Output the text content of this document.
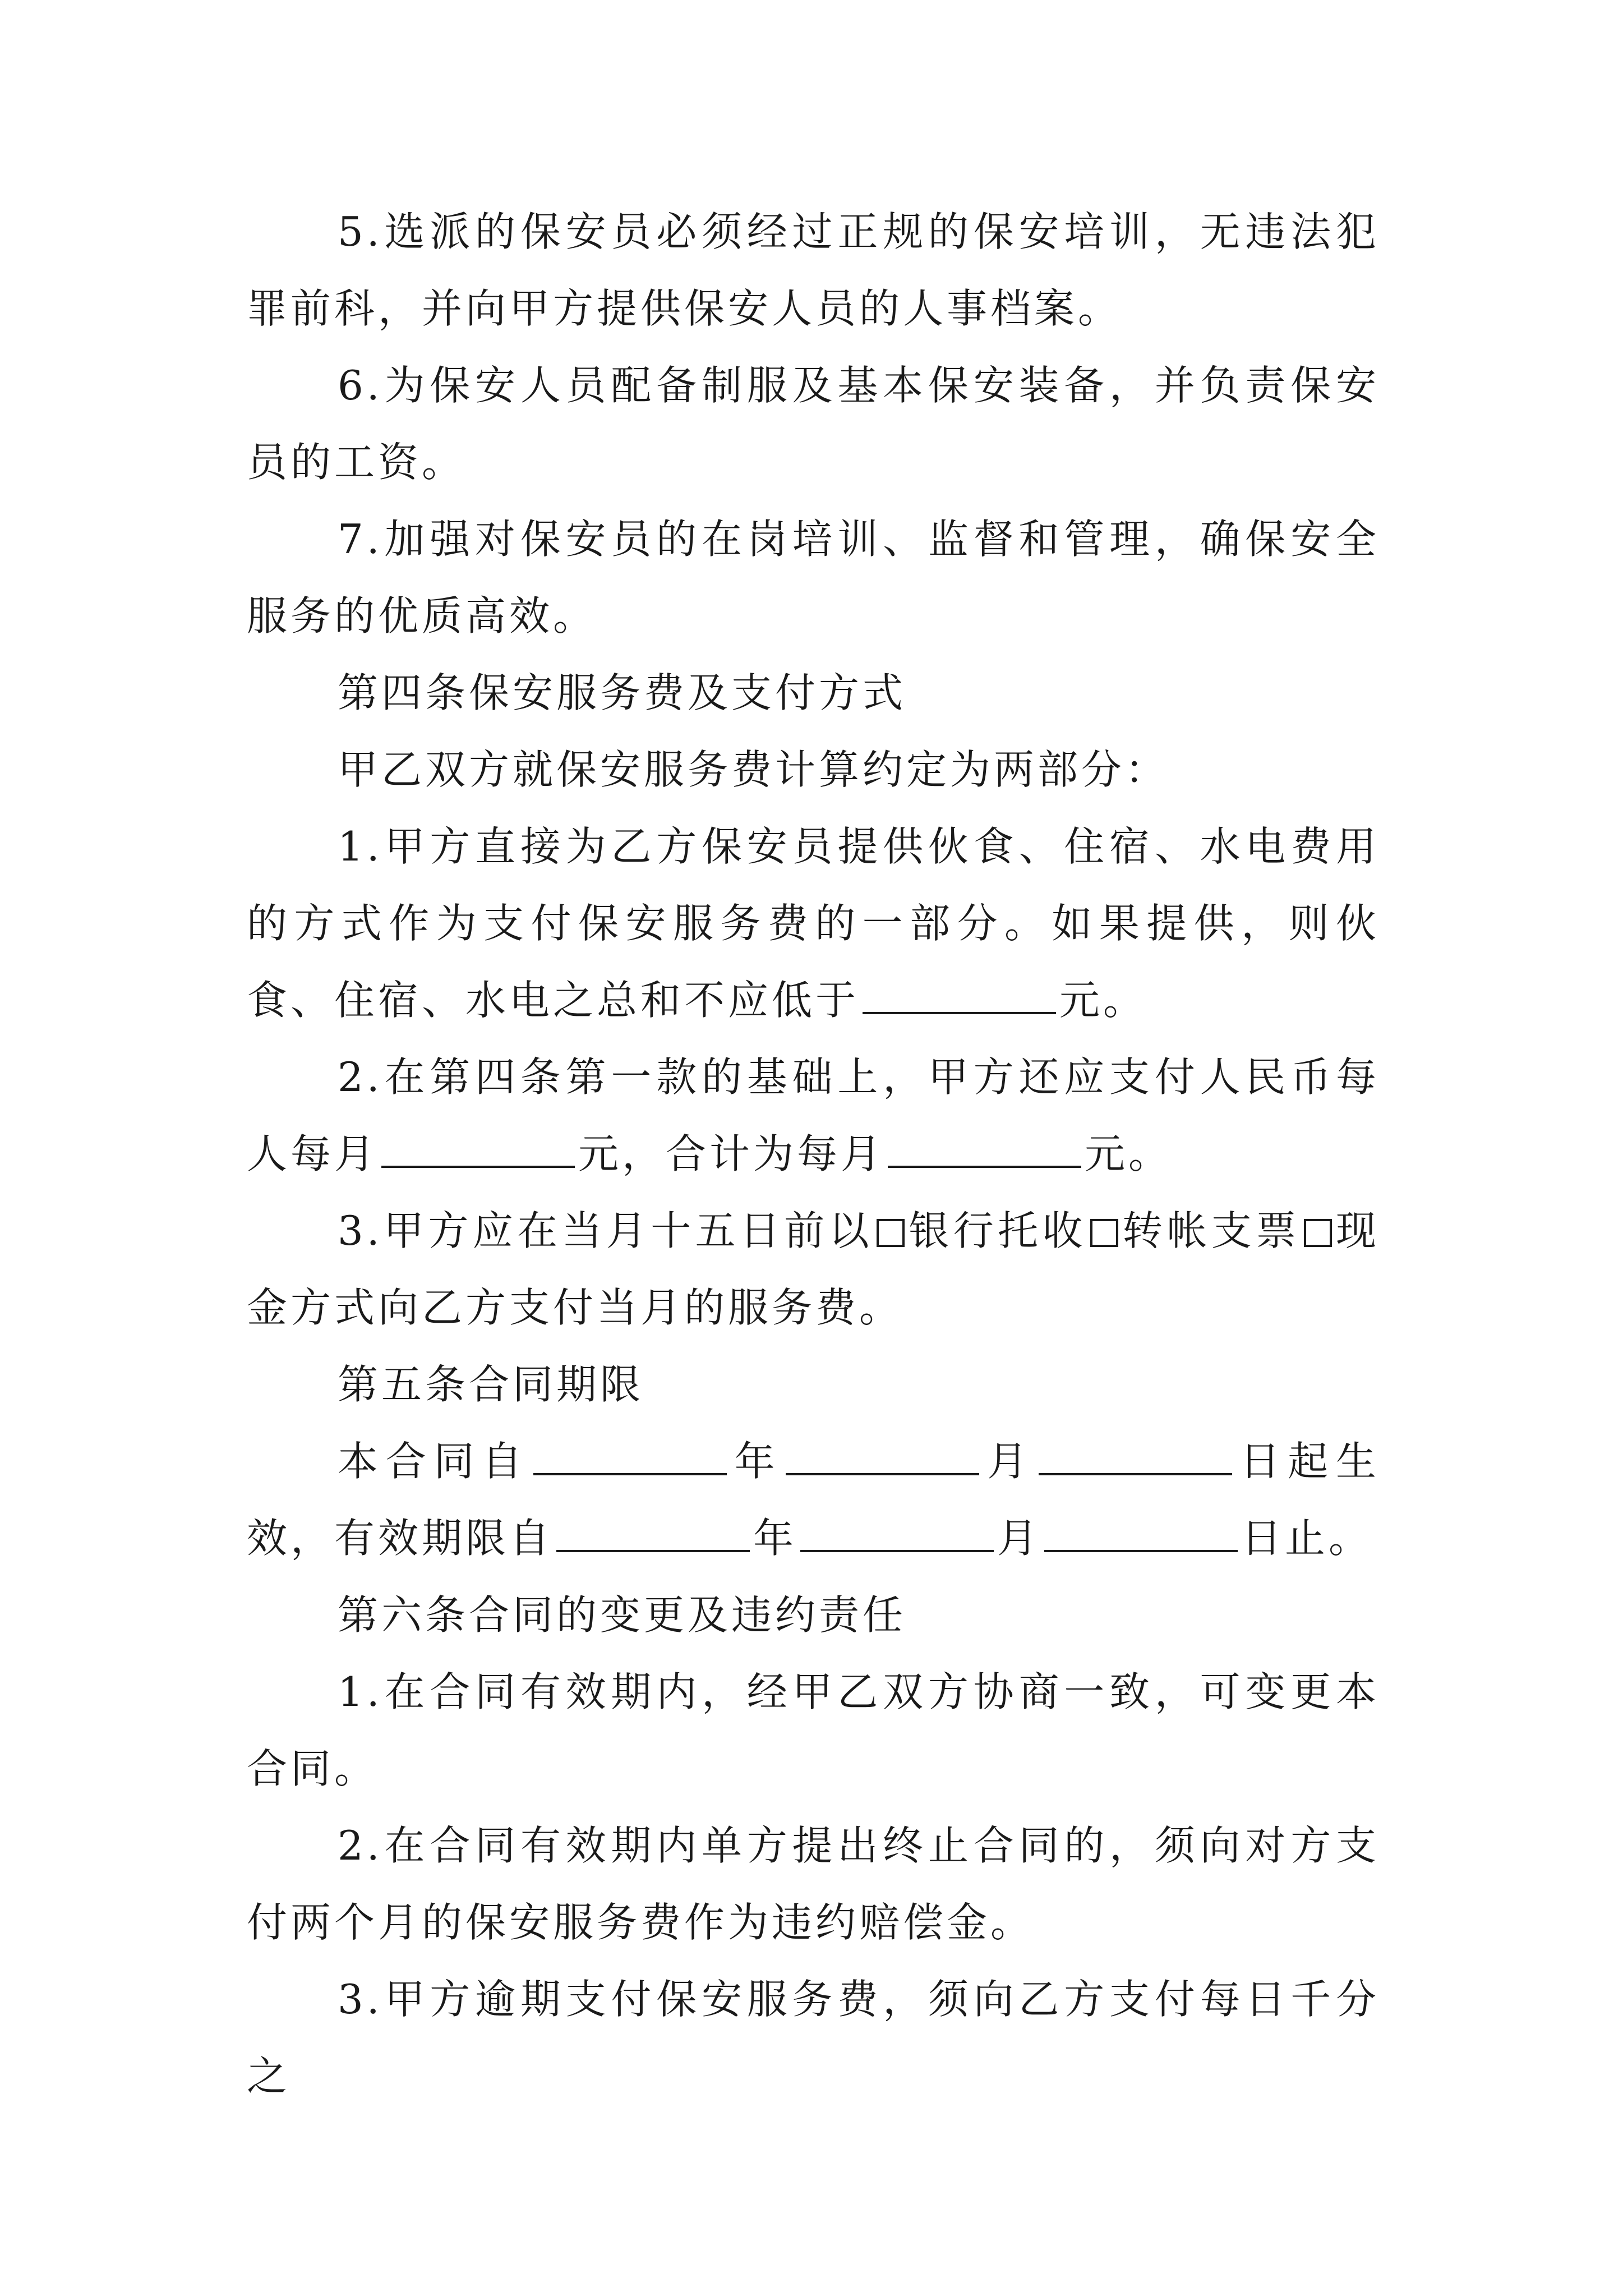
5.选派的保安员必须经过正规的保安培训，无违法犯罪前科，并向甲方提供保安人员的人事档案。

6.为保安人员配备制服及基本保安装备，并负责保安员的工资。

7.加强对保安员的在岗培训、监督和管理，确保安全服务的优质高效。

第四条保安服务费及支付方式

甲乙双方就保安服务费计算约定为两部分：

1.甲方直接为乙方保安员提供伙食、住宿、水电费用的方式作为支付保安服务费的一部分。如果提供，则伙食、住宿、水电之总和不应低于	元。

2.在第四条第一款的基础上，甲方还应支付人民币每人每月	元，合计为每月	元。

3.甲方应在当月十五日前以 银行托收 转帐支票 现金方式向乙方支付当月的服务费。

第五条合同期限

本合同自	年	月	日起生效，有效期限自	年	月	日止。

第六条合同的变更及违约责任

1.在合同有效期内，经甲乙双方协商一致，可变更本合同。

2.在合同有效期内单方提出终止合同的，须向对方支付两个月的保安服务费作为违约赔偿金。

3.甲方逾期支付保安服务费，须向乙方支付每日千分之
